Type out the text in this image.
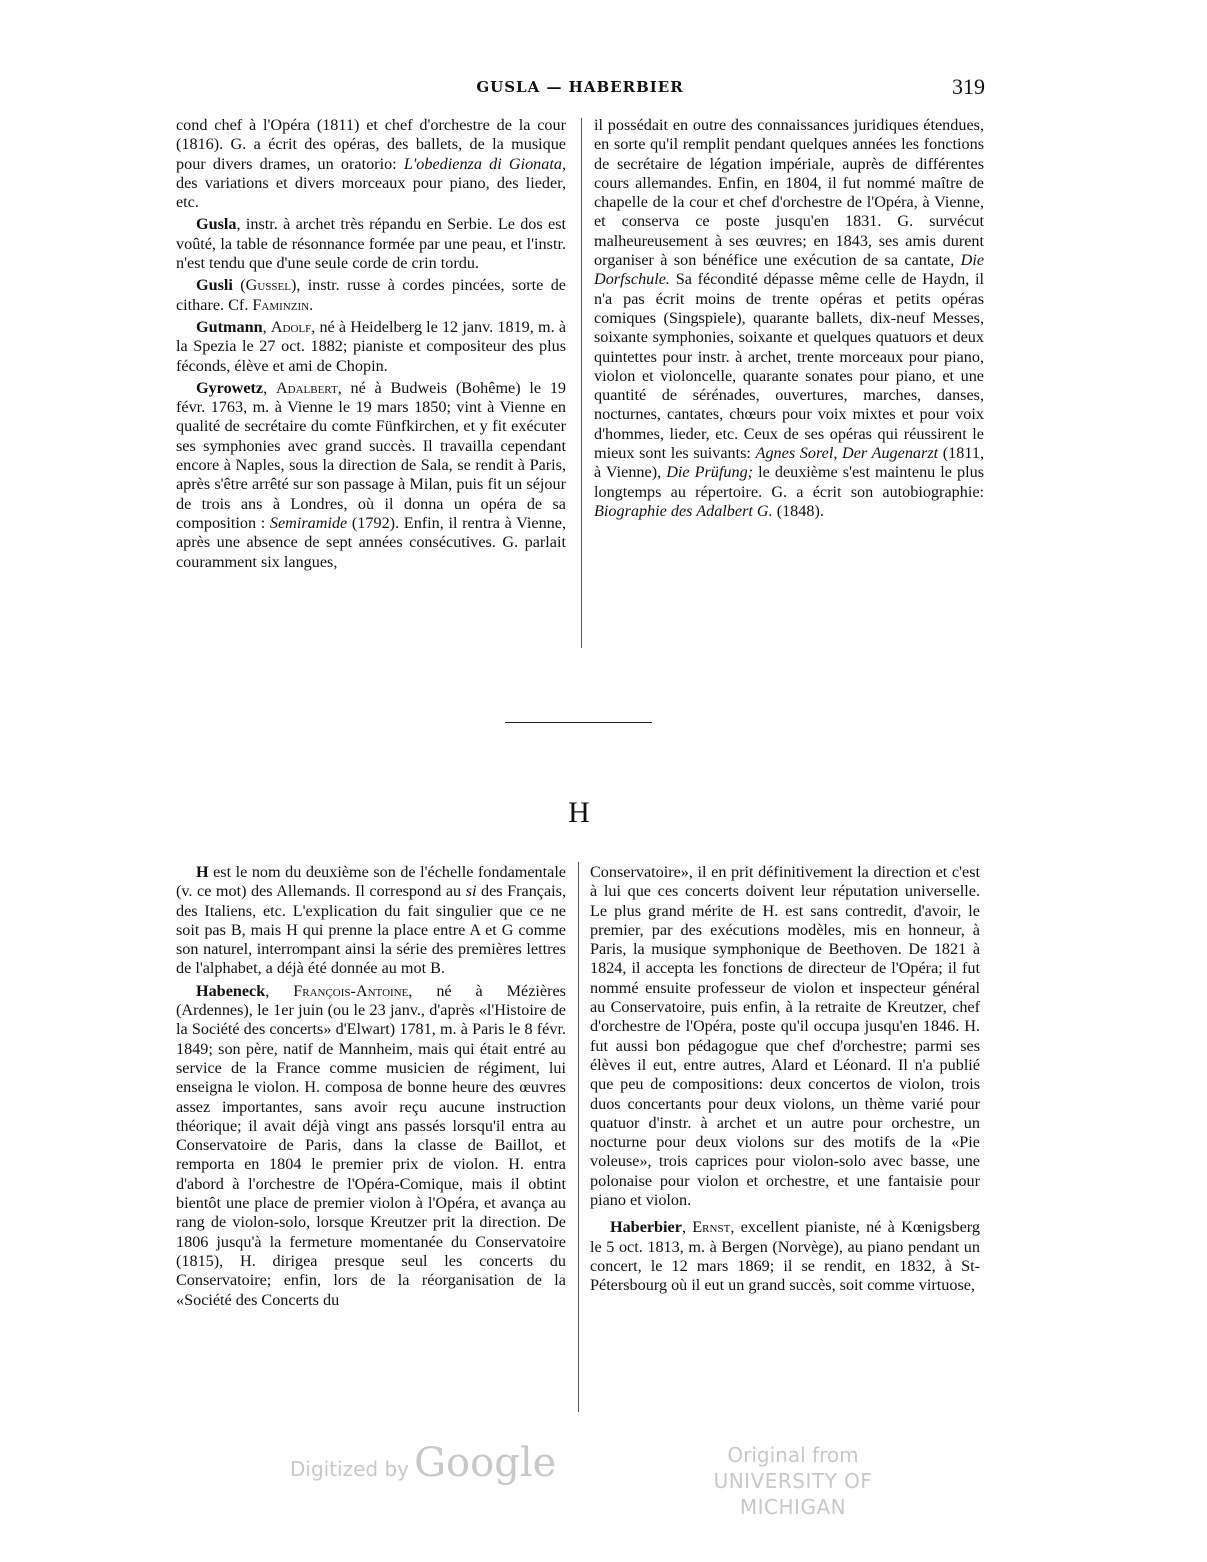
GUSLA — HABERBIER	319

cond chef à l'Opéra (1811) et chef d'orchestre de la cour (1816). G. a écrit des opéras, des ballets, de la musique pour divers drames, un oratorio: L'obedienza di Gionata, des variations et divers morceaux pour piano, des lieder, etc.

Gusla, instr. à archet très répandu en Serbie. Le dos est voûté, la table de résonnance formée par une peau, et l'instr. n'est tendu que d'une seule corde de crin tordu.

Gusli (Gussel), instr. russe à cordes pincées, sorte de cithare. Cf. Faminzin.

Gutmann, Adolf, né à Heidelberg le 12 janv. 1819, m. à la Spezia le 27 oct. 1882; pianiste et compositeur des plus féconds, élève et ami de Chopin.

Gyrowetz, Adalbert, né à Budweis (Bohême) le 19 févr. 1763, m. à Vienne le 19 mars 1850; vint à Vienne en qualité de secrétaire du comte Fünfkirchen, et y fit exécuter ses symphonies avec grand succès. Il travailla cependant encore à Naples, sous la direction de Sala, se rendit à Paris, après s'être arrêté sur son passage à Milan, puis fit un séjour de trois ans à Londres, où il donna un opéra de sa composition : Semiramide (1792). Enfin, il rentra à Vienne, après une absence de sept années consécutives. G. parlait couramment six langues,

il possédait en outre des connaissances juridiques étendues, en sorte qu'il remplit pendant quelques années les fonctions de secrétaire de légation impériale, auprès de différentes cours allemandes. Enfin, en 1804, il fut nommé maître de chapelle de la cour et chef d'orchestre de l'Opéra, à Vienne, et conserva ce poste jusqu'en 1831. G. survécut malheureusement à ses œuvres; en 1843, ses amis durent organiser à son bénéfice une exécution de sa cantate, Die Dorfschule. Sa fécondité dépasse même celle de Haydn, il n'a pas écrit moins de trente opéras et petits opéras comiques (Singspiele), quarante ballets, dix-neuf Messes, soixante symphonies, soixante et quelques quatuors et deux quintettes pour instr. à archet, trente morceaux pour piano, violon et violoncelle, quarante sonates pour piano, et une quantité de sérénades, ouvertures, marches, danses, nocturnes, cantates, chœurs pour voix mixtes et pour voix d'hommes, lieder, etc. Ceux de ses opéras qui réussirent le mieux sont les suivants: Agnes Sorel, Der Augenarzt (1811, à Vienne), Die Prüfung; le deuxième s'est maintenu le plus longtemps au répertoire. G. a écrit son autobiographie: Biographie des Adalbert G. (1848).

H

H est le nom du deuxième son de l'échelle fondamentale (v. ce mot) des Allemands. Il correspond au si des Français, des Italiens, etc. L'explication du fait singulier que ce ne soit pas B, mais H qui prenne la place entre A et G comme son naturel, interrompant ainsi la série des premières lettres de l'alphabet, a déjà été donnée au mot B.

Habeneck, François-Antoine, né à Mézières (Ardennes), le 1er juin (ou le 23 janv., d'après «l'Histoire de la Société des concerts» d'Elwart) 1781, m. à Paris le 8 févr. 1849; son père, natif de Mannheim, mais qui était entré au service de la France comme musicien de régiment, lui enseigna le violon. H. composa de bonne heure des œuvres assez importantes, sans avoir reçu aucune instruction théorique; il avait déjà vingt ans passés lorsqu'il entra au Conservatoire de Paris, dans la classe de Baillot, et remporta en 1804 le premier prix de violon. H. entra d'abord à l'orchestre de l'Opéra-Comique, mais il obtint bientôt une place de premier violon à l'Opéra, et avança au rang de violon-solo, lorsque Kreutzer prit la direction. De 1806 jusqu'à la fermeture momentanée du Conservatoire (1815), H. dirigea presque seul les concerts du Conservatoire; enfin, lors de la réorganisation de la «Société des Concerts du

Conservatoire», il en prit définitivement la direction et c'est à lui que ces concerts doivent leur réputation universelle. Le plus grand mérite de H. est sans contredit, d'avoir, le premier, par des exécutions modèles, mis en honneur, à Paris, la musique symphonique de Beethoven. De 1821 à 1824, il accepta les fonctions de directeur de l'Opéra; il fut nommé ensuite professeur de violon et inspecteur général au Conservatoire, puis enfin, à la retraite de Kreutzer, chef d'orchestre de l'Opéra, poste qu'il occupa jusqu'en 1846. H. fut aussi bon pédagogue que chef d'orchestre; parmi ses élèves il eut, entre autres, Alard et Léonard. Il n'a publié que peu de compositions: deux concertos de violon, trois duos concertants pour deux violons, un thème varié pour quatuor d'instr. à archet et un autre pour orchestre, un nocturne pour deux violons sur des motifs de la «Pie voleuse», trois caprices pour violon-solo avec basse, une polonaise pour violon et orchestre, et une fantaisie pour piano et violon.

Haberbier, Ernst, excellent pianiste, né à Kœnigsberg le 5 oct. 1813, m. à Bergen (Norvège), au piano pendant un concert, le 12 mars 1869; il se rendit, en 1832, à St-Pétersbourg où il eut un grand succès, soit comme virtuose,

Digitized by Google	Original from
UNIVERSITY OF MICHIGAN
